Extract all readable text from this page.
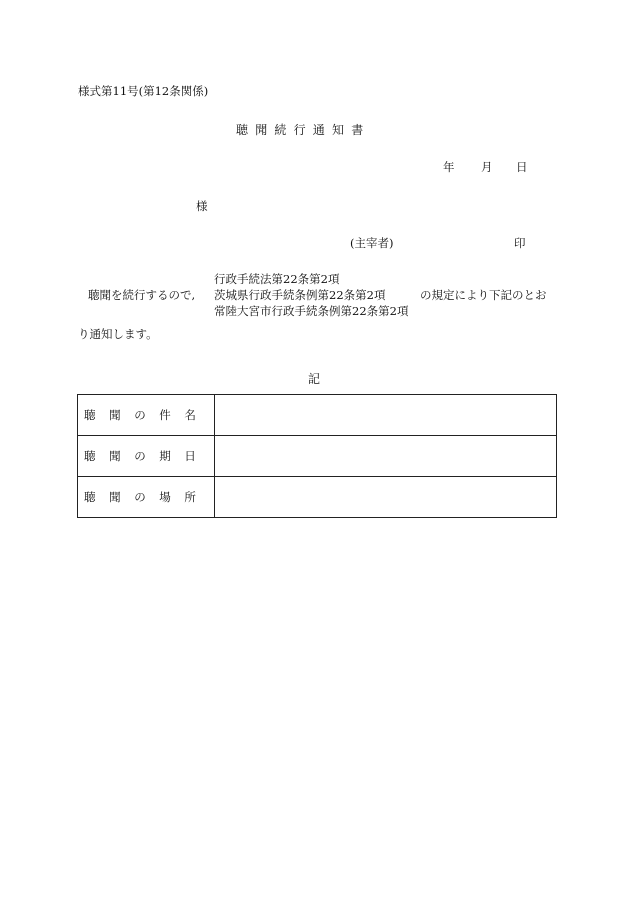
様式第11号(第12条関係)
聴聞続行通知書
年 月 日
様
(主宰者)	印
聴聞を続行するので,
行政手続法第22条第2項
茨城県行政手続条例第22条第2項
常陸大宮市行政手続条例第22条第2項
の規定により下記のとお
り通知します。
記
聴聞の件名	
聴聞の期日	
聴聞の場所	
